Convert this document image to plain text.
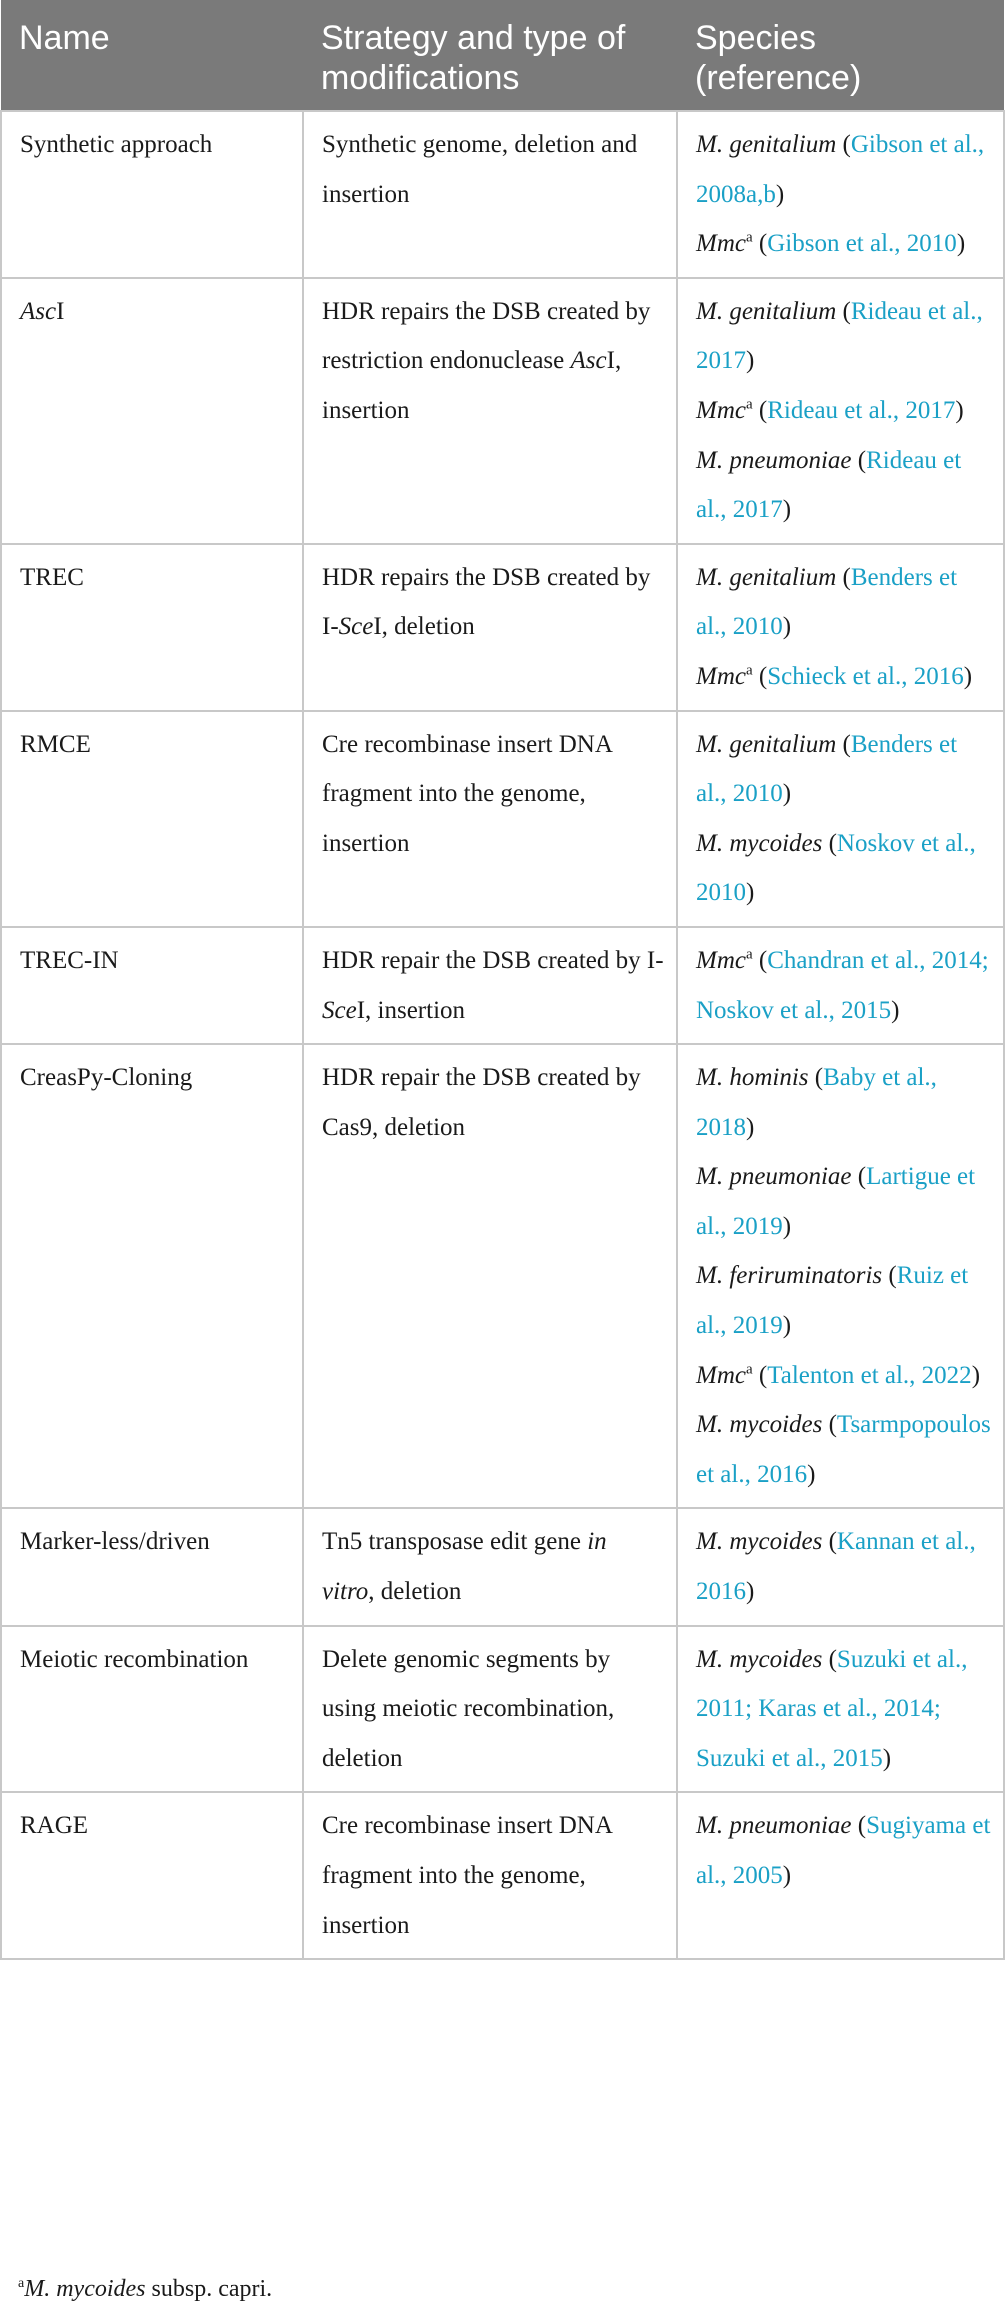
Name	Strategy and type of modifications	Species (reference)
Synthetic approach	Synthetic genome, deletion and insertion	M. genitalium (Gibson et al., 2008a,b)
Mmc$^a$ (Gibson et al., 2010)

AscI	HDR repairs the DSB created by restriction endonuclease AscI, insertion	M. genitalium (Rideau et al., 2017)
Mmc$^a$ (Rideau et al., 2017)
M. pneumoniae (Rideau et al., 2017)

TREC	HDR repairs the DSB created by I-SceI, deletion	M. genitalium (Benders et al., 2010)
Mmc$^a$ (Schieck et al., 2016)

RMCE	Cre recombinase insert DNA fragment into the genome, insertion	M. genitalium (Benders et al., 2010)
M. mycoides (Noskov et al., 2010)

TREC-IN	HDR repair the DSB created by I-SceI, insertion	Mmc$^a$ (Chandran et al., 2014; Noskov et al., 2015)

CreasPy-Cloning	HDR repair the DSB created by Cas9, deletion	M. hominis (Baby et al., 2018)
M. pneumoniae (Lartigue et al., 2019)
M. feriruminatoris (Ruiz et al., 2019)
Mmc$^a$ (Talenton et al., 2022)
M. mycoides (Tsarmpopoulos et al., 2016)

Marker-less/driven	Tn5 transposase edit gene in vitro, deletion	M. mycoides (Kannan et al., 2016)

Meiotic recombination	Delete genomic segments by using meiotic recombination, deletion	M. mycoides (Suzuki et al., 2011; Karas et al., 2014; Suzuki et al., 2015)

RAGE	Cre recombinase insert DNA fragment into the genome, insertion	M. pneumoniae (Sugiyama et al., 2005)
$^a$M. mycoides subsp. capri.
